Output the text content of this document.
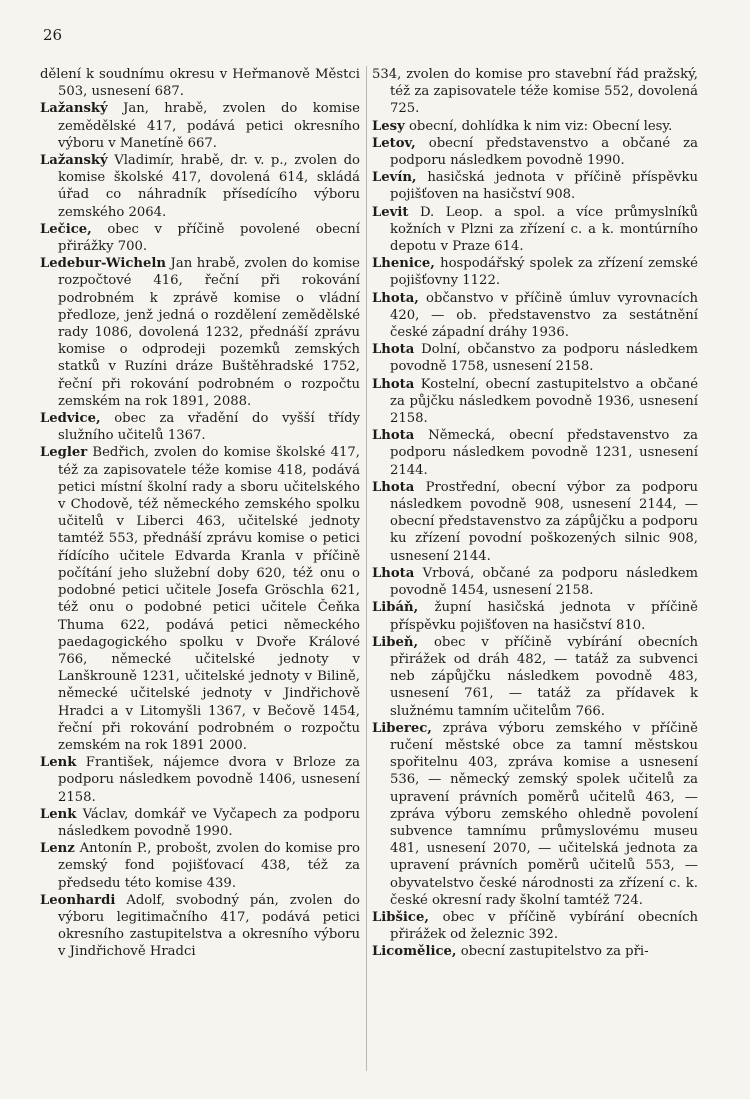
26

dělení k soudnímu okresu v Heřmanově Městci 503, usnesení 687.

Lažanský Jan, hrabě, zvolen do komise zemědělské 417, podává petici okresního výboru v Manetíně 667.

Lažanský Vladimír, hrabě, dr. v. p., zvolen do komise školské 417, dovolená 614, skládá úřad co náhradník přísedícího výboru zemského 2064.

Lečice, obec v příčině povolené obecní přirážky 700.

Ledebur-Wicheln Jan hrabě, zvolen do komise rozpočtové 416, řeční při rokování podrobném k zprávě komise o vládní předloze, jenž jedná o rozdělení zemědělské rady 1086, dovolená 1232, přednáší zprávu komise o odprodeji pozemků zemských statků v Ruzíni dráze Buštěhradské 1752, řeční při rokování podrobném o rozpočtu zemském na rok 1891, 2088.

Ledvice, obec za vřadění do vyšší třídy služního učitelů 1367.

Legler Bedřich, zvolen do komise školské 417, též za zapisovatele téže komise 418, podává petici místní školní rady a sboru učitelského v Chodově, též německého zemského spolku učitelů v Liberci 463, učitelské jednoty tamtéž 553, přednáší zprávu komise o petici řídícího učitele Edvarda Kranla v příčině počítání jeho služební doby 620, též onu o podobné petici učitele Josefa Gröschla 621, též onu o podobné petici učitele Čeňka Thuma 622, podává petici německého paedagogického spolku v Dvoře Králové 766, německé učitelské jednoty v Lanškrouně 1231, učitelské jednoty v Bilině, německé učitelské jednoty v Jindřichově Hradci a v Litomyšli 1367, v Bečově 1454, řeční při rokování podrobném o rozpočtu zemském na rok 1891 2000.

Lenk František, nájemce dvora v Brloze za podporu následkem povodně 1406, usnesení 2158.

Lenk Václav, domkář ve Vyčapech za podporu následkem povodně 1990.

Lenz Antonín P., probošt, zvolen do komise pro zemský fond pojišťovací 438, též za předsedu této komise 439.

Leonhardi Adolf, svobodný pán, zvolen do výboru legitimačního 417, podává petici okresního zastupitelstva a okresního výboru v Jindřichově Hradci

534, zvolen do komise pro stavební řád pražský, též za zapisovatele téže komise 552, dovolená 725.

Lesy obecní, dohlídka k nim viz: Obecní lesy.

Letov, obecní představenstvo a občané za podporu následkem povodně 1990.

Levín, hasičská jednota v příčině příspěvku pojišťoven na hasičství 908.

Levit D. Leop. a spol. a více průmyslníků kožních v Plzni za zřízení c. a k. montúrního depotu v Praze 614.

Lhenice, hospodářský spolek za zřízení zemské pojišťovny 1122.

Lhota, občanstvo v příčině úmluv vyrovnacích 420, — ob. představenstvo za sestátnění české západní dráhy 1936.

Lhota Dolní, občanstvo za podporu následkem povodně 1758, usnesení 2158.

Lhota Kostelní, obecní zastupitelstvo a občané za půjčku následkem povodně 1936, usnesení 2158.

Lhota Německá, obecní představenstvo za podporu následkem povodně 1231, usnesení 2144.

Lhota Prostřední, obecní výbor za podporu následkem povodně 908, usnesení 2144, — obecní představenstvo za zápůjčku a podporu ku zřízení povodní poškozených silnic 908, usnesení 2144.

Lhota Vrbová, občané za podporu následkem povodně 1454, usnesení 2158.

Libáň, župní hasičská jednota v příčině příspěvku pojišťoven na hasičství 810.

Libeň, obec v příčině vybírání obecních přirážek od dráh 482, — tatáž za subvenci neb zápůjčku následkem povodně 483, usnesení 761, — tatáž za přídavek k služnému tamním učitelům 766.

Liberec, zpráva výboru zemského v příčině ručení městské obce za tamní městskou spořitelnu 403, zpráva komise a usnesení 536, — německý zemský spolek učitelů za upravení právních poměrů učitelů 463, — zpráva výboru zemského ohledně povolení subvence tamnímu průmyslovému museu 481, usnesení 2070, — učitelská jednota za upravení právních poměrů učitelů 553, — obyvatelstvo české národnosti za zřízení c. k. české okresní rady školní tamtéž 724.

Libšice, obec v příčině vybírání obecních přirážek od železnic 392.

Licomělice, obecní zastupitelstvo za při-
